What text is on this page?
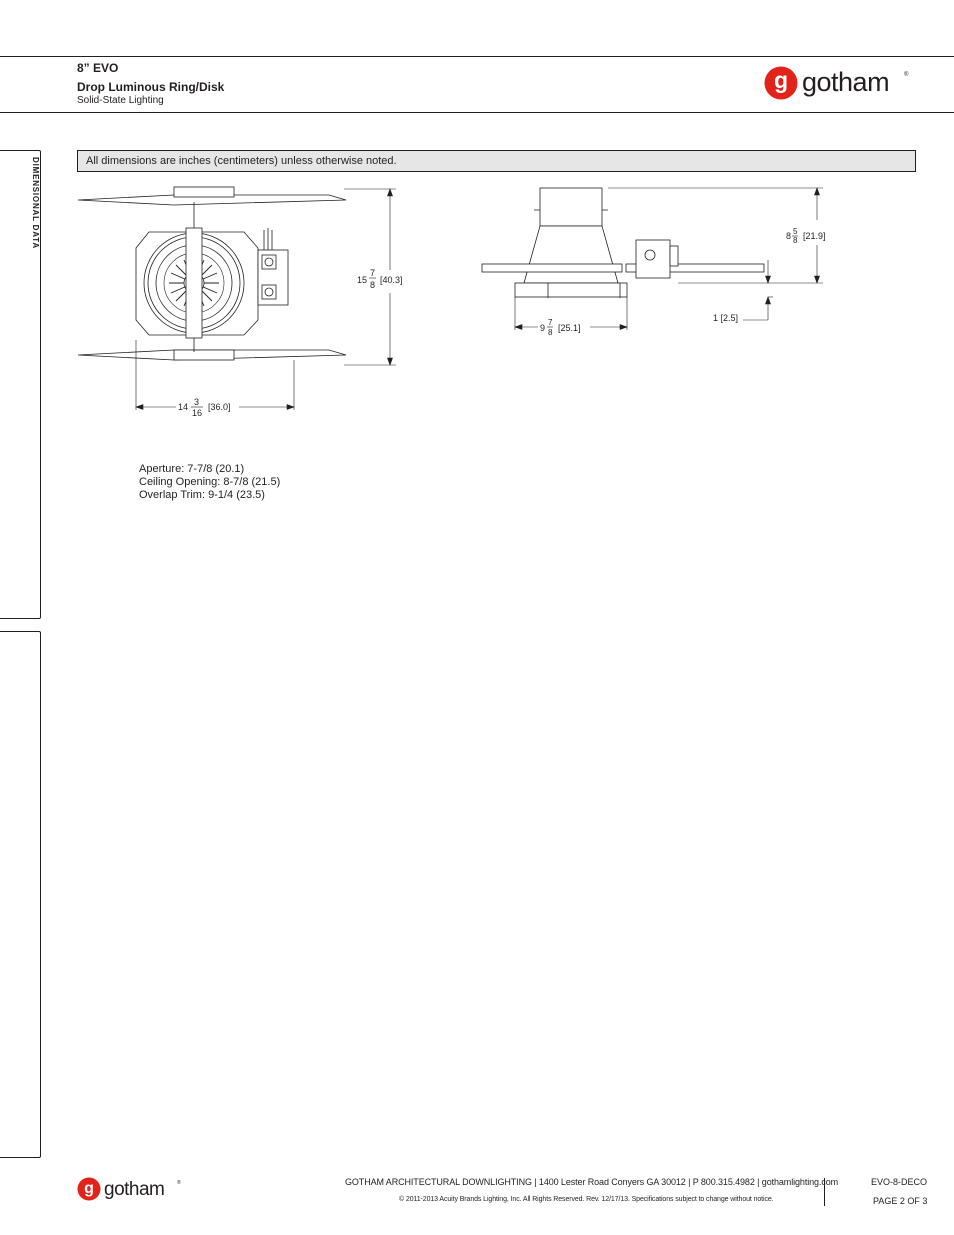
8” EVO
Drop Luminous Ring/Disk
Solid-State Lighting
g gotham ®
DIMENSIONAL DATA	All dimensions are inches (centimeters) unless otherwise noted.
15
7
8 [40.3]
14 3
16
[36.0]
8 5
8 [21.9]
1 [2.5]
9
7
8 [25.1]
Aperture: 7-7/8 (20.1)
Ceiling Opening: 8-7/8 (21.5)
Overlap Trim: 9-1/4 (23.5)
g gotham	®	GOTHAM ARCHITECTURAL DOWNLIGHTING | 1400 Lester Road Conyers GA 30012 | P 800.315.4982 | gothamlighting.com
© 2011-2013 Acuity Brands Lighting, Inc. All Rights Reserved. Rev. 12/17/13. Specifications subject to change without notice.
EVO-8-DECO
PAGE 2 OF 3
